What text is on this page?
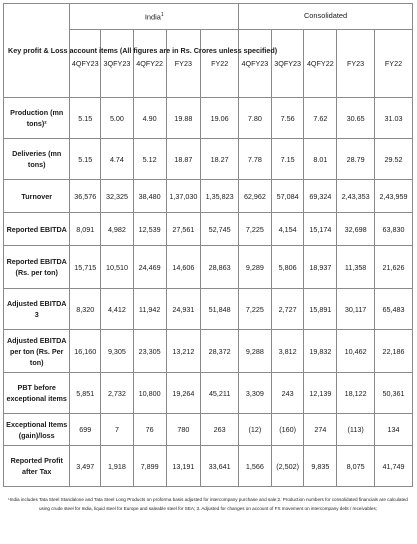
Key profit & Loss account items (All figures are in Rs. Crores unless specified)	India$^1$					Consolidated				
	4QFY23	3QFY23	4QFY22	FY23	FY22	4QFY23	3QFY23	4QFY22	FY23	FY22
Production (mn tons)²	5.15	5.00	4.90	19.88	19.06	7.80	7.56	7.62	30.65	31.03
Deliveries (mn tons)	5.15	4.74	5.12	18.87	18.27	7.78	7.15	8.01	28.79	29.52
Turnover	36,576	32,325	38,480	1,37,030	1,35,823	62,962	57,084	69,324	2,43,353	2,43,959
Reported EBITDA	8,091	4,982	12,539	27,561	52,745	7,225	4,154	15,174	32,698	63,830
Reported EBITDA (Rs. per ton)	15,715	10,510	24,469	14,606	28,863	9,289	5,806	18,937	11,358	21,626
Adjusted EBITDA 3	8,320	4,412	11,942	24,931	51,848	7,225	2,727	15,891	30,117	65,483
Adjusted EBITDA per ton (Rs. Per ton)	16,160	9,305	23,305	13,212	28,372	9,288	3,812	19,832	10,462	22,186
PBT before exceptional items	5,851	2,732	10,800	19,264	45,211	3,309	243	12,139	18,122	50,361
Exceptional Items (gain)/loss	699	7	76	780	263	(12)	(160)	274	(113)	134
Reported Profit after Tax	3,497	1,918	7,899	13,191	33,641	1,566	(2,502)	9,835	8,075	41,749
¹India includes Tata Steel Standalone and Tata Steel Long Products on proforma basis adjusted for intercompany purchase and sale;2. Production numbers for consolidated financials are calculated using crude steel for India, liquid steel for Europe and saleable steel for SEA; 3. Adjusted for changes on account of FX movement on intercompany debt / receivables;
